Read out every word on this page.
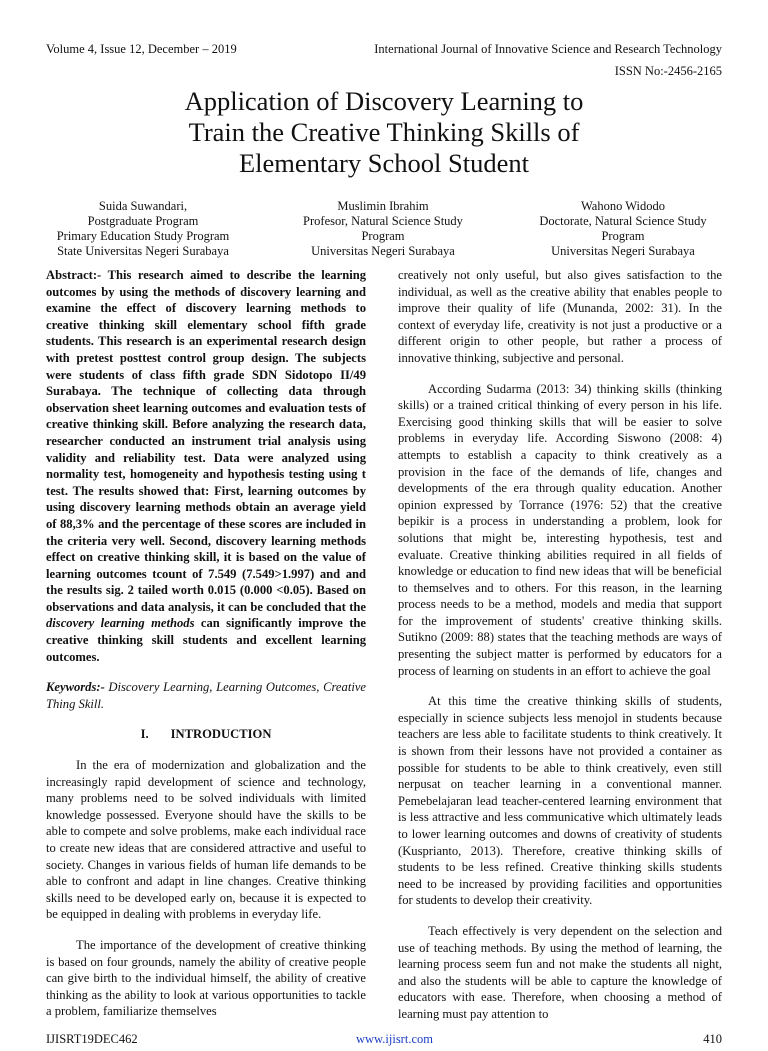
Volume 4, Issue 12, December – 2019	International Journal of Innovative Science and Research Technology
ISSN No:-2456-2165
Application of Discovery Learning to
Train the Creative Thinking Skills of
Elementary School Student
Suida Suwandari,
Postgraduate Program
Primary Education Study Program
State Universitas Negeri Surabaya
Muslimin Ibrahim
Profesor, Natural Science Study
Program
Universitas Negeri Surabaya
Wahono Widodo
Doctorate, Natural Science Study
Program
Universitas Negeri Surabaya

Abstract:- This research aimed to describe the learning outcomes by using the methods of discovery learning and examine the effect of discovery learning methods to creative thinking skill elementary school fifth grade students. This research is an experimental research design with pretest posttest control group design. The subjects were students of class fifth grade SDN Sidotopo II/49 Surabaya. The technique of collecting data through observation sheet learning outcomes and evaluation tests of creative thinking skill. Before analyzing the research data, researcher conducted an instrument trial analysis using validity and reliability test. Data were analyzed using normality test, homogeneity and hypothesis testing using t test. The results showed that: First, learning outcomes by using discovery learning methods obtain an average yield of 88,3% and the percentage of these scores are included in the criteria very well. Second, discovery learning methods effect on creative thinking skill, it is based on the value of learning outcomes tcount of 7.549 (7.549>1.997) and and the results sig. 2 tailed worth 0.015 (0.000 <0.05). Based on observations and data analysis, it can be concluded that the discovery learning methods can significantly improve the creative thinking skill students and excellent learning outcomes.

Keywords:- Discovery Learning, Learning Outcomes, Creative Thing Skill.

I.       INTRODUCTION

In the era of modernization and globalization and the increasingly rapid development of science and technology, many problems need to be solved individuals with limited knowledge possessed. Everyone should have the skills to be able to compete and solve problems, make each individual race to create new ideas that are considered attractive and useful to society. Changes in various fields of human life demands to be able to confront and adapt in line changes. Creative thinking skills need to be developed early on, because it is expected to be equipped in dealing with problems in everyday life.

The importance of the development of creative thinking is based on four grounds, namely the ability of creative people can give birth to the individual himself, the ability of creative thinking as the ability to look at various opportunities to tackle a problem, familiarize themselves

creatively not only useful, but also gives satisfaction to the individual, as well as the creative ability that enables people to improve their quality of life (Munanda, 2002: 31). In the context of everyday life, creativity is not just a productive or a different origin to other people, but rather a process of innovative thinking, subjective and personal.

According Sudarma (2013: 34) thinking skills (thinking skills) or a trained critical thinking of every person in his life. Exercising good thinking skills that will be easier to solve problems in everyday life. According Siswono (2008: 4) attempts to establish a capacity to think creatively as a provision in the face of the demands of life, changes and developments of the era through quality education. Another opinion expressed by Torrance (1976: 52) that the creative bepikir is a process in understanding a problem, look for solutions that might be, interesting hypothesis, test and evaluate. Creative thinking abilities required in all fields of knowledge or education to find new ideas that will be beneficial to themselves and to others. For this reason, in the learning process needs to be a method, models and media that support for the improvement of students' creative thinking skills. Sutikno (2009: 88) states that the teaching methods are ways of presenting the subject matter is performed by educators for a process of learning on students in an effort to achieve the goal

At this time the creative thinking skills of students, especially in science subjects less menojol in students because teachers are less able to facilitate students to think creatively. It is shown from their lessons have not provided a container as possible for students to be able to think creatively, even still nerpusat on teacher learning in a conventional manner. Pemebelajaran lead teacher-centered learning environment that is less attractive and less communicative which ultimately leads to lower learning outcomes and downs of creativity of students (Kusprianto, 2013). Therefore, creative thinking skills of students to be less refined. Creative thinking skills students need to be increased by providing facilities and opportunities for students to develop their creativity.

Teach effectively is very dependent on the selection and use of teaching methods. By using the method of learning, the learning process seem fun and not make the students all night, and also the students will be able to capture the knowledge of educators with ease. Therefore, when choosing a method of learning must pay attention to

IJISRT19DEC462	www.ijisrt.com	410
